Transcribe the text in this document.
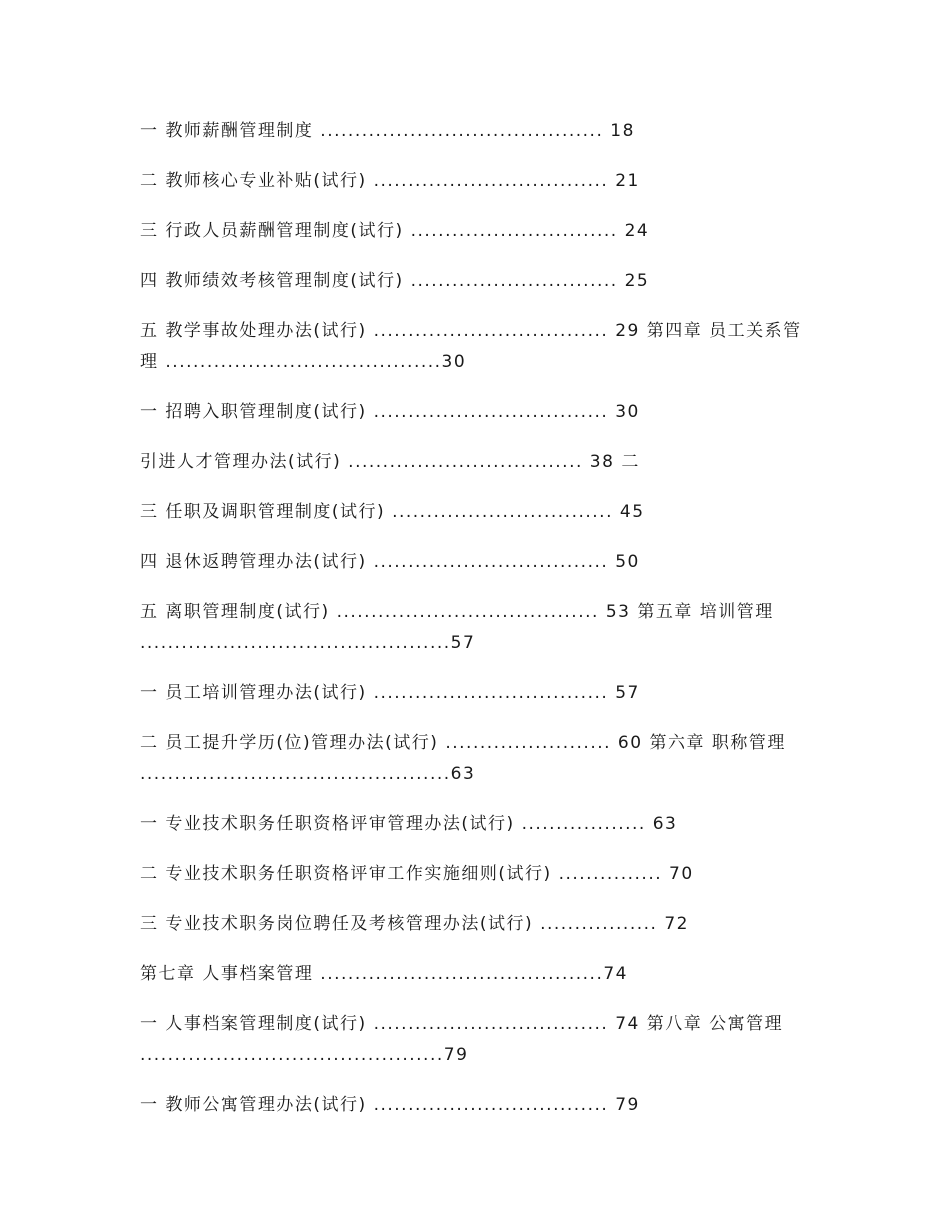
一 教师薪酬管理制度 ......................................... 18
二 教师核心专业补贴(试行) .................................. 21
三 行政人员薪酬管理制度(试行) .............................. 24
四 教师绩效考核管理制度(试行) .............................. 25
五 教学事故处理办法(试行) .................................. 29 第四章 员工关系管理 ........................................30
一 招聘入职管理制度(试行) .................................. 30
引进人才管理办法(试行) .................................. 38 二
三 任职及调职管理制度(试行) ................................ 45
四 退休返聘管理办法(试行) .................................. 50
五 离职管理制度(试行) ...................................... 53 第五章 培训管理 .............................................57
一 员工培训管理办法(试行) .................................. 57
二 员工提升学历(位)管理办法(试行) ........................ 60 第六章 职称管理 .............................................63
一 专业技术职务任职资格评审管理办法(试行) .................. 63
二 专业技术职务任职资格评审工作实施细则(试行) ............... 70
三 专业技术职务岗位聘任及考核管理办法(试行) ................. 72
第七章 人事档案管理 .........................................74
一 人事档案管理制度(试行) .................................. 74 第八章 公寓管理 ............................................79
一 教师公寓管理办法(试行) .................................. 79
